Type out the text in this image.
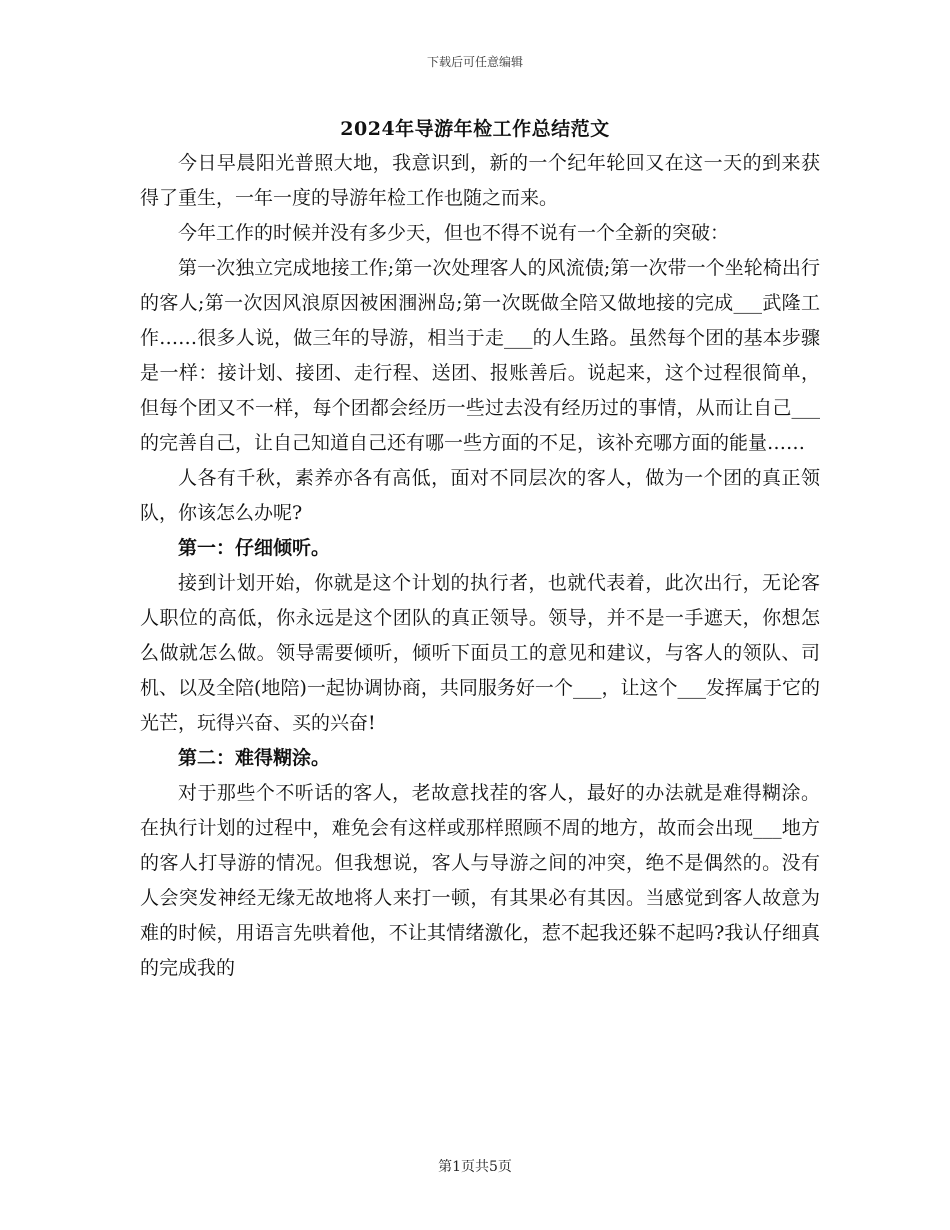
下载后可任意编辑
2024年导游年检工作总结范文

今日早晨阳光普照大地，我意识到，新的一个纪年轮回又在这一天的到来获得了重生，一年一度的导游年检工作也随之而来。

今年工作的时候并没有多少天，但也不得不说有一个全新的突破：

第一次独立完成地接工作;第一次处理客人的风流债;第一次带一个坐轮椅出行的客人;第一次因风浪原因被困涠洲岛;第一次既做全陪又做地接的完成___武隆工作……很多人说，做三年的导游，相当于走___的人生路。虽然每个团的基本步骤是一样：接计划、接团、走行程、送团、报账善后。说起来，这个过程很简单，但每个团又不一样，每个团都会经历一些过去没有经历过的事情，从而让自己___的完善自己，让自己知道自己还有哪一些方面的不足，该补充哪方面的能量……

人各有千秋，素养亦各有高低，面对不同层次的客人，做为一个团的真正领队，你该怎么办呢?

第一：仔细倾听。

接到计划开始，你就是这个计划的执行者，也就代表着，此次出行，无论客人职位的高低，你永远是这个团队的真正领导。领导，并不是一手遮天，你想怎么做就怎么做。领导需要倾听，倾听下面员工的意见和建议，与客人的领队、司机、以及全陪(地陪)一起协调协商，共同服务好一个___，让这个___发挥属于它的光芒，玩得兴奋、买的兴奋!

第二：难得糊涂。

对于那些个不听话的客人，老故意找茬的客人，最好的办法就是难得糊涂。在执行计划的过程中，难免会有这样或那样照顾不周的地方，故而会出现___地方的客人打导游的情况。但我想说，客人与导游之间的冲突，绝不是偶然的。没有人会突发神经无缘无故地将人来打一顿，有其果必有其因。当感觉到客人故意为难的时候，用语言先哄着他，不让其情绪激化，惹不起我还躲不起吗?我认仔细真的完成我的

第1页共5页
